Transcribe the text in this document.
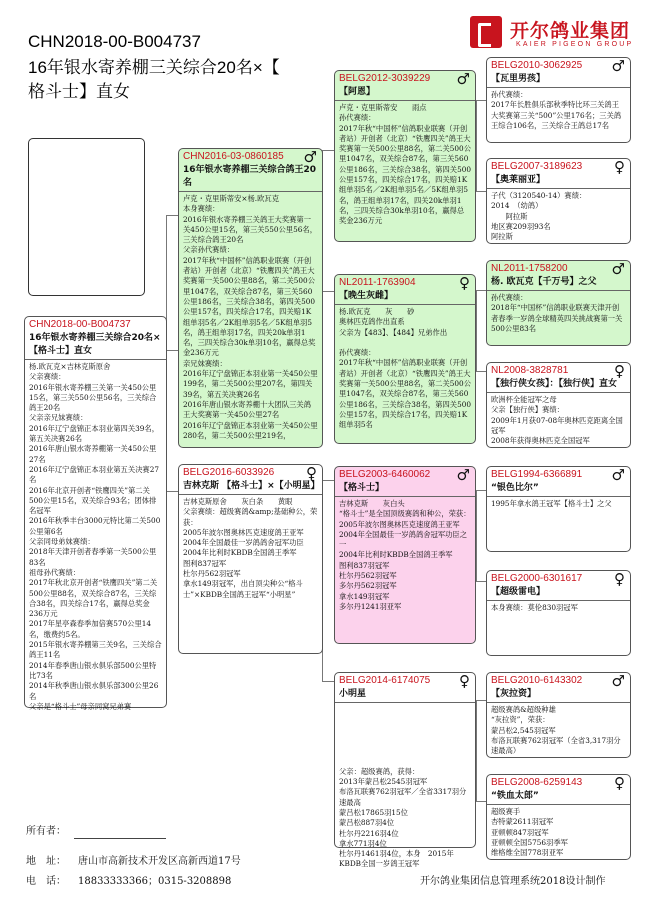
CHN2018-00-B004737
16年银水寄养棚三关综合20名×【
格斗士】直女
开尔鸽业集团
KAIER PIGEON GROUP
CHN2018-00-B004737
16年银水寄养棚三关综合20名×【格斗士】直女
杨.欧瓦克×吉林克斯原舍
父亲赛绩：
2016年银水寄养棚三关第一关450公里15名，第三关550公里56名，三关综合鸽王20名
父亲亲兄妹赛绩：
2016年辽宁盘锦正本羽业第四关39名，第五关决赛26名
2016年唐山银水寄养棚第一关450公里27名
2016年辽宁盘锦正本羽业第五关决赛27名
2016年北京开创者“铁鹰四关”第二关500公里15名，双关综合93名；团体排名冠军
2016年秋季丰台3000元特比第二关500公里第6名
父亲同母弟妹赛绩：
2018年天津开创者春季第一关500公里83名
祖母孙代赛绩：
2017年秋北京开创者“铁鹰四关”第二关500公里88名，双关综合87名，三关综合38名，四关综合17名，赢得总奖金236万元
2017年星亭森春季加倍赛570公里14名，缴费约5名。
2015年银水寄养棚第三关9名，三关综合鸽王11名
2014年春季唐山银水俱乐部500公里特比73名
2014年秋季唐山银水俱乐部300公里26名
父亲是“格斗士”母亲同窝兄弟赛
CHN2016-03-0860185	♂
16年银水寄养棚三关综合鸽王20名
卢克・克里斯蒂安×杨.欧瓦克
本身赛绩：
2016年银水寄养棚三关鸽王大奖赛第一关450公里15名，第三关550公里56名，三关综合鸽王20名
父亲孙代赛绩：
2017年秋“中国杯”信鸽职业联赛（开创者站）开创者（北京）“铁鹰四关”鸽王大奖赛第一关500公里88名，第二关500公里1047名，双关综合87名，第三关560公里186名，三关综合38名，第四关500公里157名，四关综合17名，四关赔1K组单羽5名／2K组单羽5名／5K组单羽5名，鸽王组单羽17名，四关20k单羽1名，三四关综合30k单羽10名，赢得总奖金236万元
亲兄妹赛绩：
2016年辽宁盘锦正本羽业第一关450公里199名，第二关500公里207名，第四关39名，第五关决赛26名
2016年唐山银水寄养棚十大团队三关鸽王大奖赛第一关450公里27名
2016年辽宁盘锦正本羽业第一关450公里280名，第二关500公里219名，
BELG2016-6033926	♀
吉林克斯 【格斗士】×【小明星】
吉林克斯原舍　　灰白条　　黄眼
父亲赛绩：超级赛鸽&amp;基础种公，荣获：
2005年波尔图奥林匹克速度鸽王亚军
2004年全国最佳一岁鸽鸽舍冠军功臣
2004年比利时KBDB全国鸽王季军
图利837冠军
杜尔丹562羽冠军
拿水149羽冠军，出自顶尖种公“格斗士”×KBDB全国鸽王冠军“小明星”
BELG2012-3039229	♂
【阿恩】
卢克・克里斯蒂安　　雨点
孙代赛绩：
2017年秋“中国杯”信鸽职业联赛（开创者站）开创者（北京）“铁鹰四关”鸽王大奖赛第一关500公里88名，第二关500公里1047名，双关综合87名，第三关560公里186名，三关综合38名，第四关500公里157名，四关综合17名，四关赔1K组单羽5名／2K组单羽5名／5K组单羽5名，鸽王组单羽17名，四关20k单羽1名，三四关综合30k单羽10名，赢得总奖金236万元
NL2011-1763904	♀
【晚生灰雌】
杨.欧瓦克　　灰　　砂
奥林匹克鸽作出直系
父亲为【483】、【484】兄弟作出

孙代赛绩：
2017年秋“中国杯”信鸽职业联赛（开创者站）开创者（北京）“铁鹰四关”鸽王大奖赛第一关500公里88名，第二关500公里1047名，双关综合87名，第三关560公里186名，三关综合38名，第四关500公里157名，四关综合17名，四关赔1K组单羽5名
BELG2003-6460062	♂
【格斗士】
吉林克斯　　灰白头
“格斗士”是全国顶级赛鸽和种公，荣获：
2005年波尔图奥林匹克速度鸽王亚军
2004年全国最佳一岁鸽鸽舍冠军功臣之一
2004年比利时KBDB全国鸽王季军
图利837羽冠军
杜尔丹562羽冠军
多尔丹562羽冠军
拿水149羽冠军
多尔丹1241羽亚军
BELG2014-6174075	♀
小明星

父亲：超级赛鸽，获得：
2013年蒙吕松2545羽冠军
布洛瓦联赛762羽冠军／全省3317羽分速最高
蒙吕松17865羽15位
蒙吕松887羽4位
杜尔丹2216羽4位
拿水771羽4位
杜尔丹1461羽4位，本身　2015年KBDB全国一岁鸽王冠军
BELG2010-3062925	♂
【瓦里男孩】
孙代赛绩：
2017年长胜俱乐部秋季特比环三关鸽王大奖赛第三关“500”公里176名；三关鸽王综合106名，三关综合王鸽总17名
BELG2007-3189623	♀
【奥莱丽亚】
子代（3120540-14）赛绩：
2014　（幼鸽）
　　阿拉斯
地区赛209羽93名
阿拉斯
NL2011-1758200	♂
杨. 欧瓦克【千万号】之父
孙代赛绩：
2018年“中国杯”信鸽职业联赛天津开创者春季一岁鸽全球精英四关挑战赛第一关500公里83名
NL2008-3828781	♀
【独行侠女孩】：【独行侠】直女
欧洲杯全能冠军之母
父亲【独行侠】赛绩：
2009年1月获07-08年奥林匹克距离全国冠军
2008年获得奥林匹克全国冠军
BELG1994-6366891	♂
“银色比尔”
1995年拿水鸽王冠军【格斗士】之父
BELG2000-6301617	♀
【超级雷电】
本身赛绩：莫伦830羽冠军
BELG2010-6143302	♂
【灰拉资】
超级赛鸽&超级种雄
“灰拉资”，荣获：
蒙吕松2,545羽冠军
布洛瓦联赛762羽冠军（全省3,317羽分速最高）
BELG2008-6259143	♀
“铁血太郎”
超级赛手
杏特蒙2611羽冠军
亚顿顿847羽冠军
亚顿顿全国5756羽季军
维格维全国778羽亚军
所有者：
地　址： 唐山市高新技术开发区高新西道17号
电　话： 18833333366；0315-3208898	开尔鸽业集团信息管理系统2018设计制作
